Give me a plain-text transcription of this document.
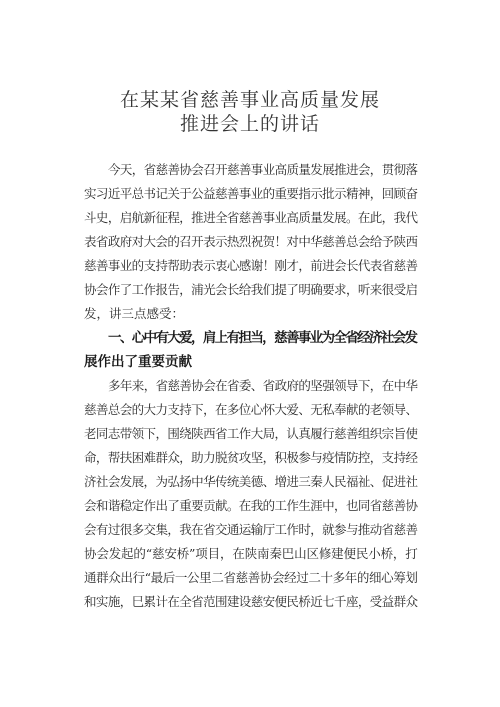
在某某省慈善事业高质量发展
推进会上的讲话
今天，省慈善协会召开慈善事业高质量发展推进会，贯彻落
实习近平总书记关于公益慈善事业的重要指示批示精神，回顾奋
斗史，启航新征程，推进全省慈善事业高质量发展。在此，我代
表省政府对大会的召开表示热烈祝贺！对中华慈善总会给予陕西
慈善事业的支持帮助表示衷心感谢！刚才，前进会长代表省慈善
协会作了工作报告，浦光会长给我们提了明确要求，听来很受启
发，讲三点感受：
一、心中有大爱，肩上有担当，慈善事业为全省经济社会发
展作出了重要贡献
多年来，省慈善协会在省委、省政府的坚强领导下，在中华
慈善总会的大力支持下，在多位心怀大爱、无私奉献的老领导、
老同志带领下，围绕陕西省工作大局，认真履行慈善组织宗旨使
命，帮扶困难群众，助力脱贫攻坚，积极参与疫情防控，支持经
济社会发展，为弘扬中华传统美德、增进三秦人民福祉、促进社
会和谐稳定作出了重要贡献。在我的工作生涯中，也同省慈善协
会有过很多交集，我在省交通运输厅工作时，就参与推动省慈善
协会发起的“慈安桥”项目，在陕南秦巴山区修建便民小桥，打
通群众出行“最后一公里二省慈善协会经过二十多年的细心筹划
和实施，巳累计在全省范围建设慈安便民桥近七千座，受益群众
